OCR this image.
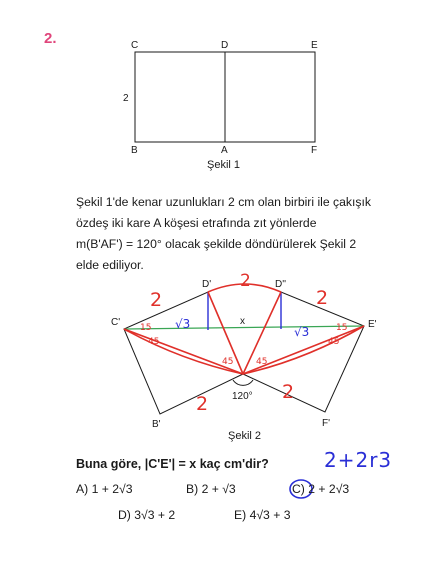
2.	C	D	E
B	A	F
2
Şekil 1
C'
D'	D''
E'
B'	F'
x
120°
Şekil 2
2
2
2
2
2
√3
√3
15	15
45	45
45	45
Şekil 1'de kenar uzunlukları 2 cm olan birbiri ile çakışık
özdeş iki kare A köşesi etrafında zıt yönlerde
m(B'AF') = 120° olacak şekilde döndürülerek Şekil 2
elde ediliyor.
Buna göre, |C'E'| = x kaç cm'dir?	2+2r3
A) 1 + 2√3	B) 2 + √3	C) 2 + 2√3
D) 3√3 + 2	E) 4√3 + 3
